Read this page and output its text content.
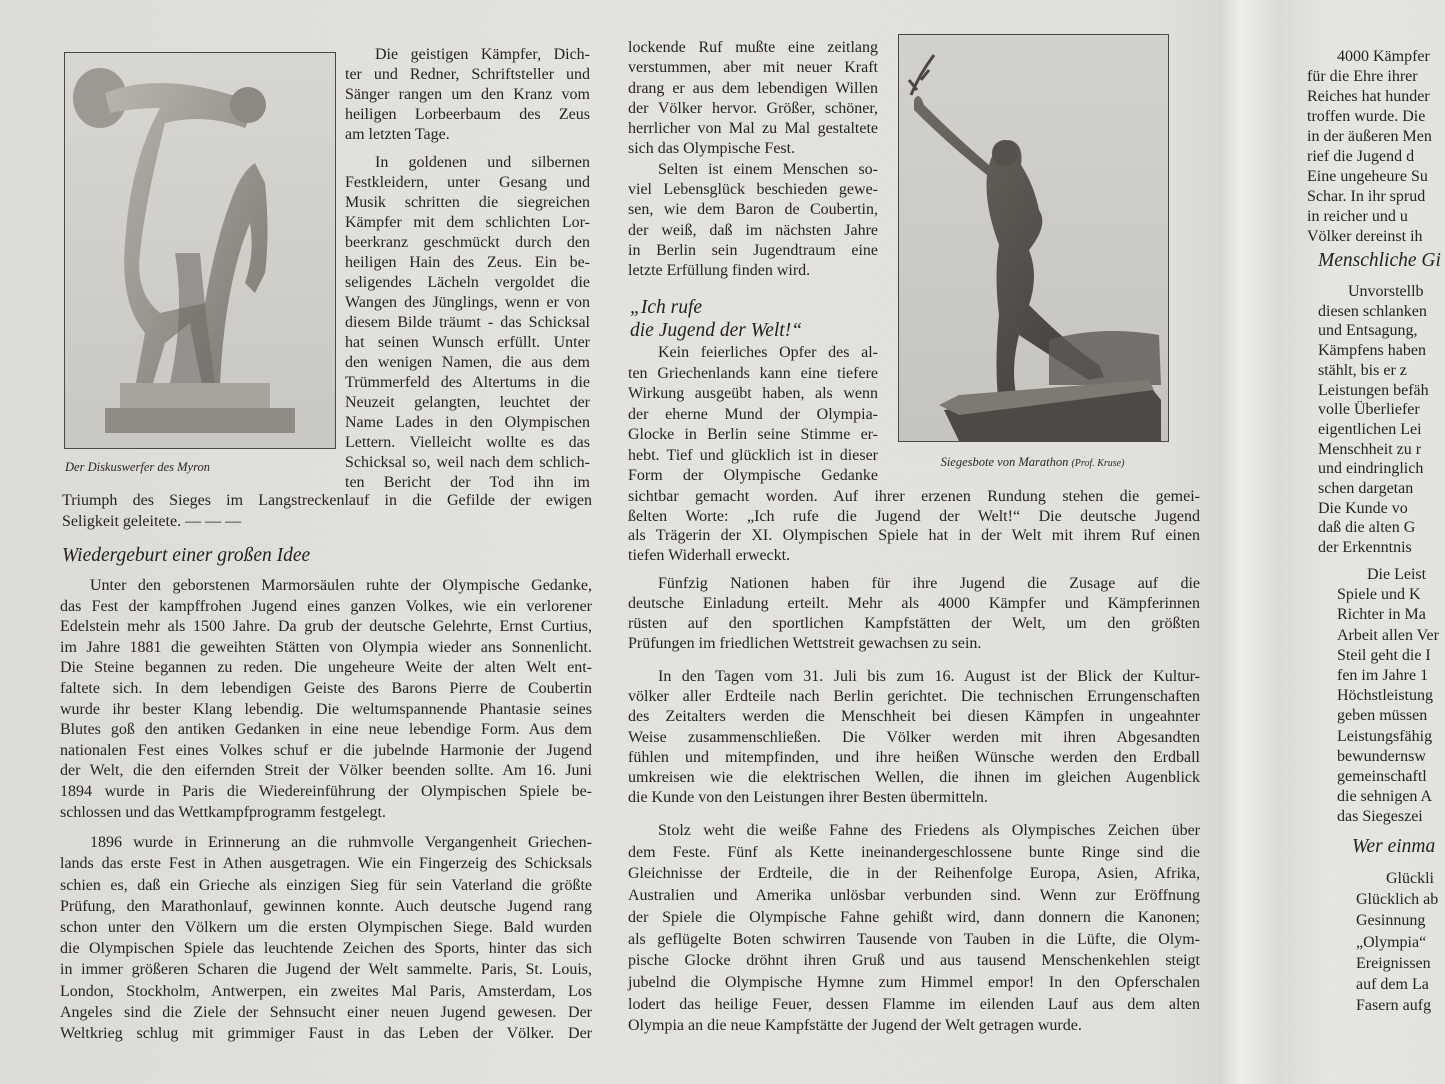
Der Diskuswerfer des Myron	Siegesbote von Marathon (Prof. Kruse)
Wiedergeburt einer großen Idee
„Ich rufe
die Jugend der Welt!“
Menschliche Gi
Wer einma
Die geistigen Kämpfer, Dich-
ter und Redner, Schriftsteller und
Sänger rangen um den Kranz vom
heiligen Lorbeerbaum des Zeus
am letzten Tage.
In goldenen und silbernen
Festkleidern, unter Gesang und
Musik schritten die siegreichen
Kämpfer mit dem schlichten Lor-
beerkranz geschmückt durch den
heiligen Hain des Zeus. Ein be-
seligendes Lächeln vergoldet die
Wangen des Jünglings, wenn er von
diesem Bilde träumt - das Schicksal
hat seinen Wunsch erfüllt. Unter
den wenigen Namen, die aus dem
Trümmerfeld des Altertums in die
Neuzeit gelangten, leuchtet der
Name Lades in den Olympischen
Lettern. Vielleicht wollte es das
Schicksal so, weil nach dem schlich-
ten Bericht der Tod ihn im
Triumph des Sieges im Langstreckenlauf in die Gefilde der ewigen
Seligkeit geleitete. — — —
Unter den geborstenen Marmorsäulen ruhte der Olympische Gedanke,
das Fest der kampffrohen Jugend eines ganzen Volkes, wie ein verlorener
Edelstein mehr als 1500 Jahre. Da grub der deutsche Gelehrte, Ernst Curtius,
im Jahre 1881 die geweihten Stätten von Olympia wieder ans Sonnenlicht.
Die Steine begannen zu reden. Die ungeheure Weite der alten Welt ent-
faltete sich. In dem lebendigen Geiste des Barons Pierre de Coubertin
wurde ihr bester Klang lebendig. Die weltumspannende Phantasie seines
Blutes goß den antiken Gedanken in eine neue lebendige Form. Aus dem
nationalen Fest eines Volkes schuf er die jubelnde Harmonie der Jugend
der Welt, die den eifernden Streit der Völker beenden sollte. Am 16. Juni
1894 wurde in Paris die Wiedereinführung der Olympischen Spiele be-
schlossen und das Wettkampfprogramm festgelegt.
1896 wurde in Erinnerung an die ruhmvolle Vergangenheit Griechen-
lands das erste Fest in Athen ausgetragen. Wie ein Fingerzeig des Schicksals
schien es, daß ein Grieche als einzigen Sieg für sein Vaterland die größte
Prüfung, den Marathonlauf, gewinnen konnte. Auch deutsche Jugend rang
schon unter den Völkern um die ersten Olympischen Siege. Bald wurden
die Olympischen Spiele das leuchtende Zeichen des Sports, hinter das sich
in immer größeren Scharen die Jugend der Welt sammelte. Paris, St. Louis,
London, Stockholm, Antwerpen, ein zweites Mal Paris, Amsterdam, Los
Angeles sind die Ziele der Sehnsucht einer neuen Jugend gewesen. Der
Weltkrieg schlug mit grimmiger Faust in das Leben der Völker. Der
lockende Ruf mußte eine zeitlang
verstummen, aber mit neuer Kraft
drang er aus dem lebendigen Willen
der Völker hervor. Größer, schöner,
herrlicher von Mal zu Mal gestaltete
sich das Olympische Fest.
Selten ist einem Menschen so-
viel Lebensglück beschieden gewe-
sen, wie dem Baron de Coubertin,
der weiß, daß im nächsten Jahre
in Berlin sein Jugendtraum eine
letzte Erfüllung finden wird.
Kein feierliches Opfer des al-
ten Griechenlands kann eine tiefere
Wirkung ausgeübt haben, als wenn
der eherne Mund der Olympia-
Glocke in Berlin seine Stimme er-
hebt. Tief und glücklich ist in dieser
Form der Olympische Gedanke
sichtbar gemacht worden. Auf ihrer erzenen Rundung stehen die gemei-
ßelten Worte: „Ich rufe die Jugend der Welt!“ Die deutsche Jugend
als Trägerin der XI. Olympischen Spiele hat in der Welt mit ihrem Ruf einen
tiefen Widerhall erweckt.
Fünfzig Nationen haben für ihre Jugend die Zusage auf die
deutsche Einladung erteilt. Mehr als 4000 Kämpfer und Kämpferinnen
rüsten auf den sportlichen Kampfstätten der Welt, um den größten
Prüfungen im friedlichen Wettstreit gewachsen zu sein.
In den Tagen vom 31. Juli bis zum 16. August ist der Blick der Kultur-
völker aller Erdteile nach Berlin gerichtet. Die technischen Errungenschaften
des Zeitalters werden die Menschheit bei diesen Kämpfen in ungeahnter
Weise zusammenschließen. Die Völker werden mit ihren Abgesandten
fühlen und mitempfinden, und ihre heißen Wünsche werden den Erdball
umkreisen wie die elektrischen Wellen, die ihnen im gleichen Augenblick
die Kunde von den Leistungen ihrer Besten übermitteln.
Stolz weht die weiße Fahne des Friedens als Olympisches Zeichen über
dem Feste. Fünf als Kette ineinandergeschlossene bunte Ringe sind die
Gleichnisse der Erdteile, die in der Reihenfolge Europa, Asien, Afrika,
Australien und Amerika unlösbar verbunden sind. Wenn zur Eröffnung
der Spiele die Olympische Fahne gehißt wird, dann donnern die Kanonen;
als geflügelte Boten schwirren Tausende von Tauben in die Lüfte, die Olym-
pische Glocke dröhnt ihren Gruß und aus tausend Menschenkehlen steigt
jubelnd die Olympische Hymne zum Himmel empor! In den Opferschalen
lodert das heilige Feuer, dessen Flamme im eilenden Lauf aus dem alten
Olympia an die neue Kampfstätte der Jugend der Welt getragen wurde.
4000 Kämpfer
für die Ehre ihrer
Reiches hat hunder
troffen wurde. Die
in der äußeren Men
rief die Jugend d
Eine ungeheure Su
Schar. In ihr sprud
in reicher und u
Völker dereinst ih
Unvorstellb
diesen schlanken
und Entsagung,
Kämpfens haben
stählt, bis er z
Leistungen befäh
volle Überliefer
eigentlichen Lei
Menschheit zu r
und eindringlich
schen dargetan
Die Kunde vo
daß die alten G
der Erkenntnis
Die Leist
Spiele und K
Richter in Ma
Arbeit allen Ver
Steil geht die I
fen im Jahre 1
Höchstleistung
geben müssen
Leistungsfähig
bewundernsw
gemeinschaftl
die sehnigen A
das Siegeszei
Glückli
Glücklich ab
Gesinnung
„Olympia“
Ereignissen
auf dem La
Fasern aufg
